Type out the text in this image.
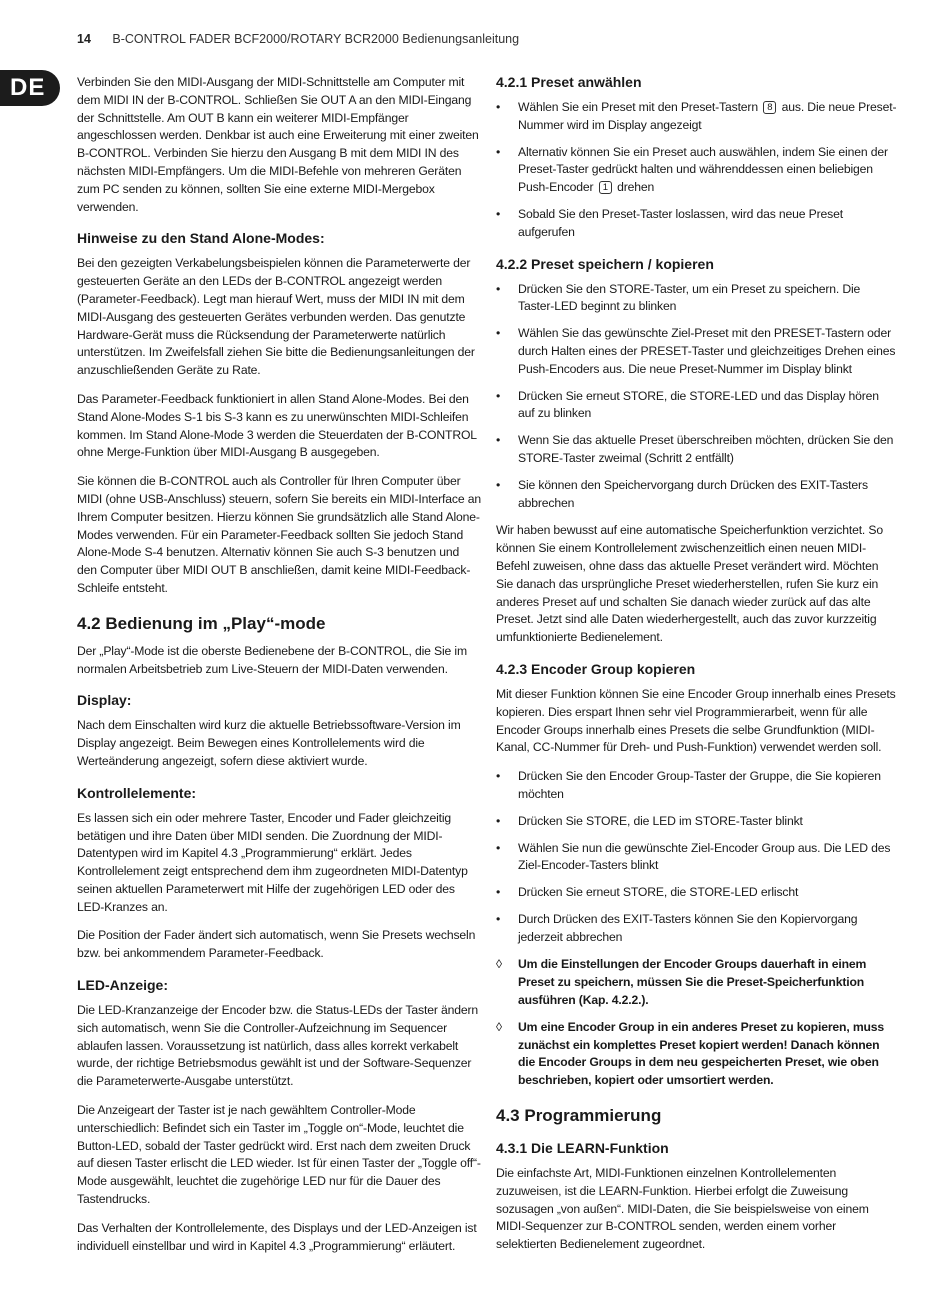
14 B-CONTROL FADER BCF2000/ROTARY BCR2000 Bedienungsanleitung
DE	Verbinden Sie den MIDI-Ausgang der MIDI-Schnittstelle am Computer mit dem MIDI IN der B-CONTROL. Schließen Sie OUT A an den MIDI-Eingang der Schnittstelle. Am OUT B kann ein weiterer MIDI-Empfänger angeschlossen werden. Denkbar ist auch eine Erweiterung mit einer zweiten B-CONTROL. Verbinden Sie hierzu den Ausgang B mit dem MIDI IN des nächsten MIDI-Empfängers. Um die MIDI-Befehle von mehreren Geräten zum PC senden zu können, sollten Sie eine externe MIDI-Mergebox verwenden.

Hinweise zu den Stand Alone-Modes:

Bei den gezeigten Verkabelungsbeispielen können die Parameterwerte der gesteuerten Geräte an den LEDs der B-CONTROL angezeigt werden (Parameter-Feedback). Legt man hierauf Wert, muss der MIDI IN mit dem MIDI-Ausgang des gesteuerten Gerätes verbunden werden. Das genutzte Hardware-Gerät muss die Rücksendung der Parameterwerte natürlich unterstützen. Im Zweifelsfall ziehen Sie bitte die Bedienungsanleitungen der anzuschließenden Geräte zu Rate.

Das Parameter-Feedback funktioniert in allen Stand Alone-Modes. Bei den Stand Alone-Modes S-1 bis S-3 kann es zu unerwünschten MIDI-Schleifen kommen. Im Stand Alone-Mode 3 werden die Steuerdaten der B-CONTROL ohne Merge-Funktion über MIDI-Ausgang B ausgegeben.

Sie können die B-CONTROL auch als Controller für Ihren Computer über MIDI (ohne USB-Anschluss) steuern, sofern Sie bereits ein MIDI-Interface an Ihrem Computer besitzen. Hierzu können Sie grundsätzlich alle Stand Alone-Modes verwenden. Für ein Parameter-Feedback sollten Sie jedoch Stand Alone-Mode S-4 benutzen. Alternativ können Sie auch S-3 benutzen und den Computer über MIDI OUT B anschließen, damit keine MIDI-Feedback-Schleife entsteht.

4.2 Bedienung im „Play“-mode

Der „Play“-Mode ist die oberste Bedienebene der B-CONTROL, die Sie im normalen Arbeitsbetrieb zum Live-Steuern der MIDI-Daten verwenden.

Display:

Nach dem Einschalten wird kurz die aktuelle Betriebssoftware-Version im Display angezeigt. Beim Bewegen eines Kontrollelements wird die Werteänderung angezeigt, sofern diese aktiviert wurde.

Kontrollelemente:

Es lassen sich ein oder mehrere Taster, Encoder und Fader gleichzeitig betätigen und ihre Daten über MIDI senden. Die Zuordnung der MIDI-Datentypen wird im Kapitel 4.3 „Programmierung“ erklärt. Jedes Kontrollelement zeigt entsprechend dem ihm zugeordneten MIDI-Datentyp seinen aktuellen Parameterwert mit Hilfe der zugehörigen LED oder des LED-Kranzes an.

Die Position der Fader ändert sich automatisch, wenn Sie Presets wechseln bzw. bei ankommendem Parameter-Feedback.

LED-Anzeige:

Die LED-Kranzanzeige der Encoder bzw. die Status-LEDs der Taster ändern sich automatisch, wenn Sie die Controller-Aufzeichnung im Sequencer ablaufen lassen. Voraussetzung ist natürlich, dass alles korrekt verkabelt wurde, der richtige Betriebsmodus gewählt ist und der Software-Sequenzer die Parameterwerte-Ausgabe unterstützt.

Die Anzeigeart der Taster ist je nach gewähltem Controller-Mode unterschiedlich: Befindet sich ein Taster im „Toggle on“-Mode, leuchtet die Button-LED, sobald der Taster gedrückt wird. Erst nach dem zweiten Druck auf diesen Taster erlischt die LED wieder. Ist für einen Taster der „Toggle off“-Mode ausgewählt, leuchtet die zugehörige LED nur für die Dauer des Tastendrucks.

Das Verhalten der Kontrollelemente, des Displays und der LED-Anzeigen ist individuell einstellbar und wird in Kapitel 4.3 „Programmierung“ erläutert.

4.2.1 Preset anwählen
• Wählen Sie ein Preset mit den Preset-Tastern 8 aus. Die neue Preset-Nummer wird im Display angezeigt
• Alternativ können Sie ein Preset auch auswählen, indem Sie einen der Preset-Taster gedrückt halten und währenddessen einen beliebigen Push-Encoder 1 drehen
• Sobald Sie den Preset-Taster loslassen, wird das neue Preset aufgerufen
4.2.2 Preset speichern / kopieren
• Drücken Sie den STORE-Taster, um ein Preset zu speichern. Die Taster-LED beginnt zu blinken
• Wählen Sie das gewünschte Ziel-Preset mit den PRESET-Tastern oder durch Halten eines der PRESET-Taster und gleichzeitiges Drehen eines Push-Encoders aus. Die neue Preset-Nummer im Display blinkt
• Drücken Sie erneut STORE, die STORE-LED und das Display hören auf zu blinken
• Wenn Sie das aktuelle Preset überschreiben möchten, drücken Sie den STORE-Taster zweimal (Schritt 2 entfällt)
• Sie können den Speichervorgang durch Drücken des EXIT-Tasters abbrechen

Wir haben bewusst auf eine automatische Speicherfunktion verzichtet. So können Sie einem Kontrollelement zwischenzeitlich einen neuen MIDI-Befehl zuweisen, ohne dass das aktuelle Preset verändert wird. Möchten Sie danach das ursprüngliche Preset wiederherstellen, rufen Sie kurz ein anderes Preset auf und schalten Sie danach wieder zurück auf das alte Preset. Jetzt sind alle Daten wiederhergestellt, auch das zuvor kurzzeitig umfunktionierte Bedienelement.

4.2.3 Encoder Group kopieren

Mit dieser Funktion können Sie eine Encoder Group innerhalb eines Presets kopieren. Dies erspart Ihnen sehr viel Programmierarbeit, wenn für alle Encoder Groups innerhalb eines Presets die selbe Grundfunktion (MIDI-Kanal, CC-Nummer für Dreh- und Push-Funktion) verwendet werden soll.

• Drücken Sie den Encoder Group-Taster der Gruppe, die Sie kopieren möchten
• Drücken Sie STORE, die LED im STORE-Taster blinkt
• Wählen Sie nun die gewünschte Ziel-Encoder Group aus. Die LED des Ziel-Encoder-Tasters blinkt
• Drücken Sie erneut STORE, die STORE-LED erlischt
• Durch Drücken des EXIT-Tasters können Sie den Kopiervorgang jederzeit abbrechen
◊ Um die Einstellungen der Encoder Groups dauerhaft in einem Preset zu speichern, müssen Sie die Preset-Speicherfunktion ausführen (Kap. 4.2.2.).
◊ Um eine Encoder Group in ein anderes Preset zu kopieren, muss zunächst ein komplettes Preset kopiert werden! Danach können die Encoder Groups in dem neu gespeicherten Preset, wie oben beschrieben, kopiert oder umsortiert werden.
4.3 Programmierung
4.3.1 Die LEARN-Funktion

Die einfachste Art, MIDI-Funktionen einzelnen Kontrollelementen zuzuweisen, ist die LEARN-Funktion. Hierbei erfolgt die Zuweisung sozusagen „von außen“. MIDI-Daten, die Sie beispielsweise von einem MIDI-Sequenzer zur B-CONTROL senden, werden einem vorher selektierten Bedienelement zugeordnet.
